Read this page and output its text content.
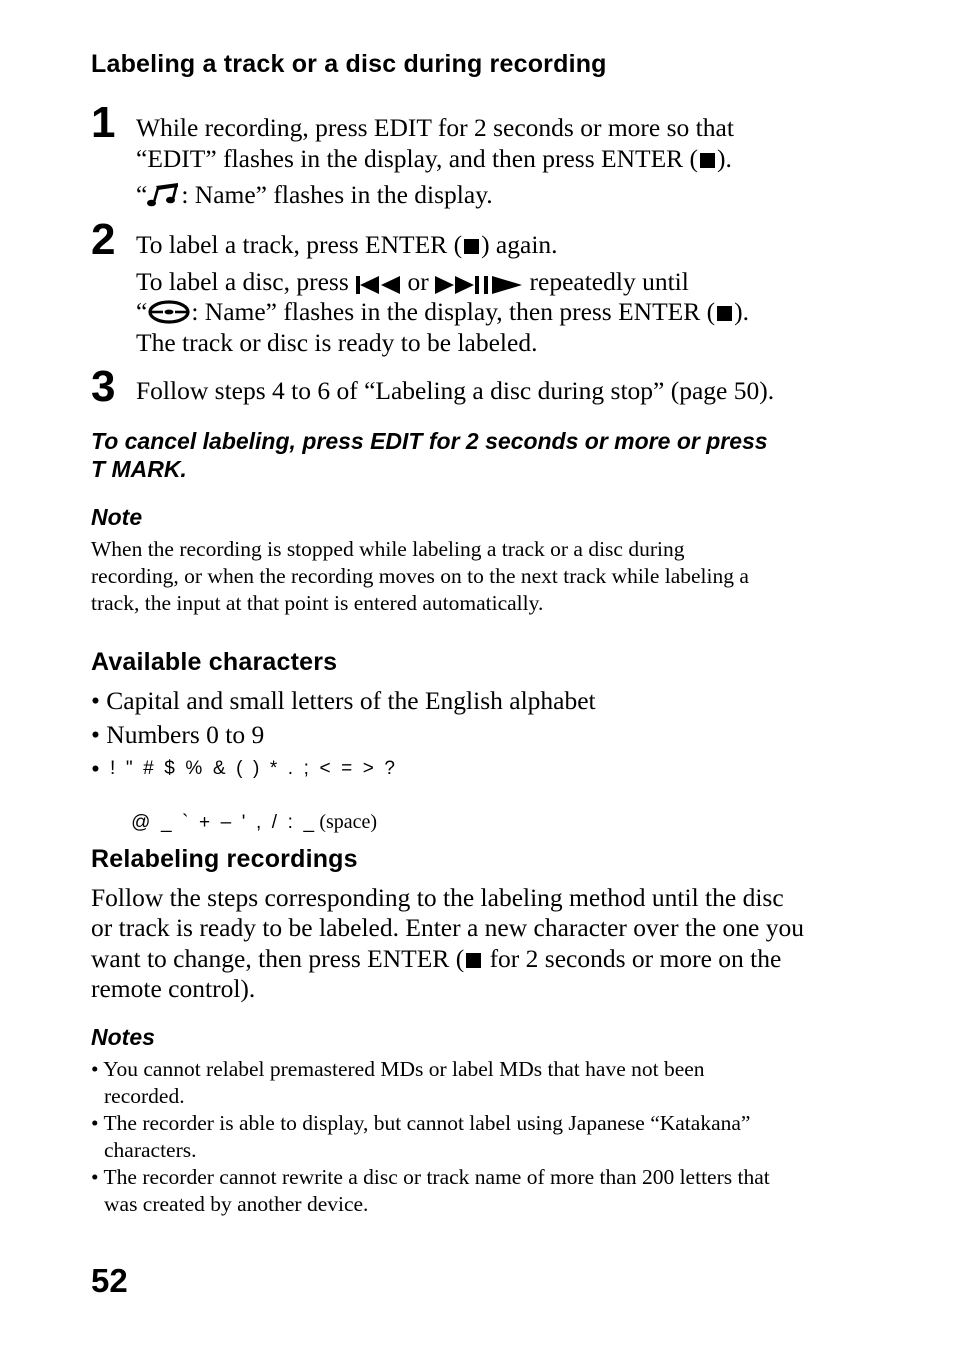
Labeling a track or a disc during recording
1 While recording, press EDIT for 2 seconds or more so that
“EDIT” flashes in the display, and then press ENTER ( ).
“ : Name” flashes in the display.
2 To label a track, press ENTER ( ) again.
To label a disc, press  or	repeatedly until
“ : Name” flashes in the display, then press ENTER ( ).
The track or disc is ready to be labeled.
3 Follow steps 4 to 6 of “Labeling a disc during stop” (page 50).
To cancel labeling, press EDIT for 2 seconds or more or press
T MARK.
Note
When the recording is stopped while labeling a track or a disc during
recording, or when the recording moves on to the next track while labeling a
track, the input at that point is entered automatically.
Available characters
• Capital and small letters of the English alphabet
• Numbers 0 to 9
• !  "  #  $  %  &  (  )  *  .  ;  <  =  >  ?

@  _  `  +  –  '  ,  /  :  _ (space)

Relabeling recordings
Follow the steps corresponding to the labeling method until the disc
or track is ready to be labeled. Enter a new character over the one you
want to change, then press ENTER ( for 2 seconds or more on the
remote control).
Notes
• You cannot relabel premastered MDs or label MDs that have not been
recorded.
• The recorder is able to display, but cannot label using Japanese “Katakana”
characters.
• The recorder cannot rewrite a disc or track name of more than 200 letters that
was created by another device.
52
